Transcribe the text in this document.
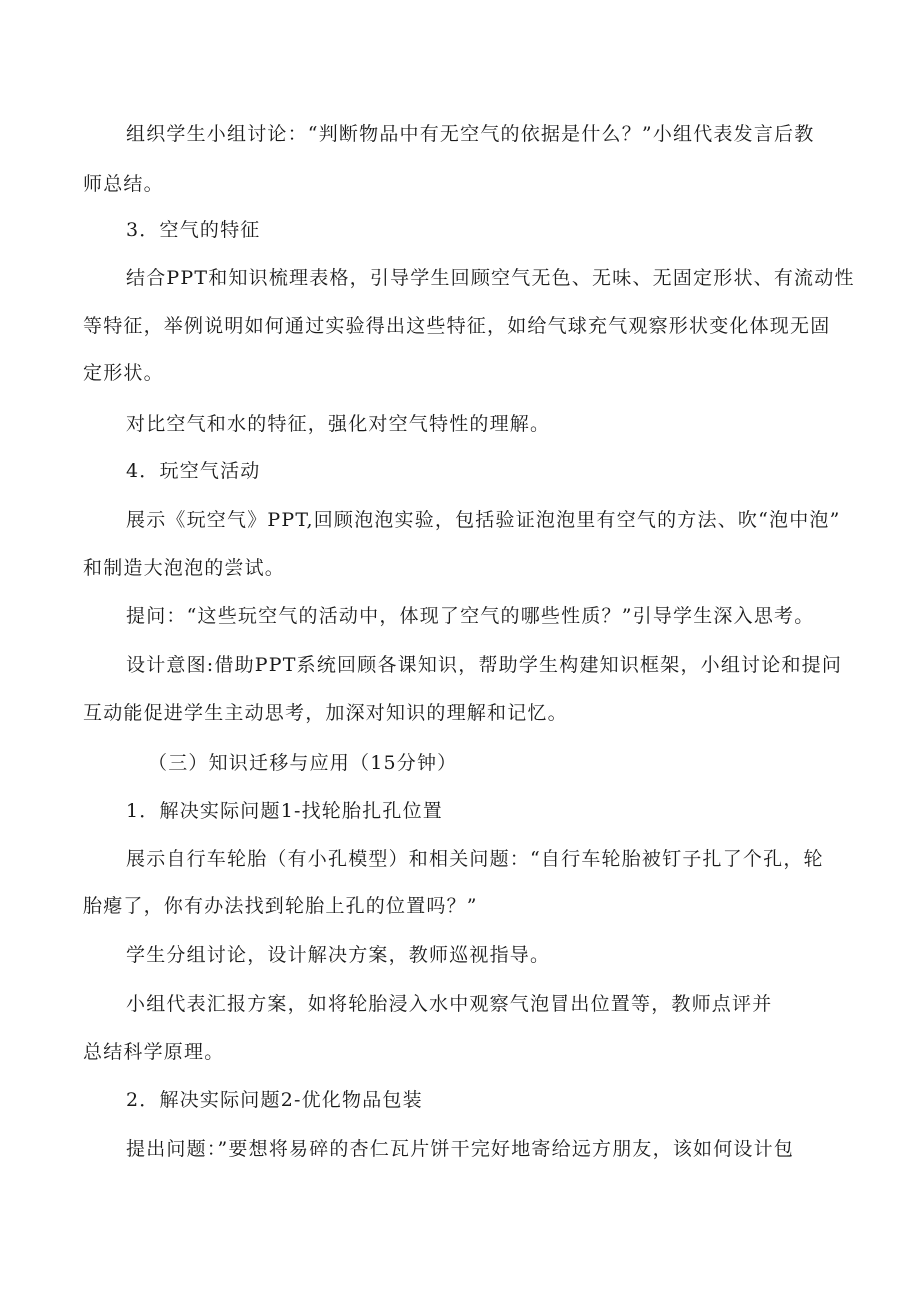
组织学生小组讨论：“判断物品中有无空气的依据是什么？”小组代表发言后教
师总结。
3．空气的特征
结合PPT和知识梳理表格，引导学生回顾空气无色、无味、无固定形状、有流动性
等特征，举例说明如何通过实验得出这些特征，如给气球充气观察形状变化体现无固
定形状。
对比空气和水的特征，强化对空气特性的理解。
4．玩空气活动
展示《玩空气》PPT,回顾泡泡实验，包括验证泡泡里有空气的方法、吹“泡中泡”
和制造大泡泡的尝试。
提问：“这些玩空气的活动中，体现了空气的哪些性质？”引导学生深入思考。
设计意图:借助PPT系统回顾各课知识，帮助学生构建知识框架，小组讨论和提问
互动能促进学生主动思考，加深对知识的理解和记忆。
（三）知识迁移与应用（15分钟）
1．解决实际问题1-找轮胎扎孔位置
展示自行车轮胎（有小孔模型）和相关问题：“自行车轮胎被钉子扎了个孔，轮
胎瘪了，你有办法找到轮胎上孔的位置吗？”
学生分组讨论，设计解决方案，教师巡视指导。
小组代表汇报方案，如将轮胎浸入水中观察气泡冒出位置等，教师点评并
总结科学原理。
2．解决实际问题2-优化物品包装
提出问题：”要想将易碎的杏仁瓦片饼干完好地寄给远方朋友，该如何设计包
